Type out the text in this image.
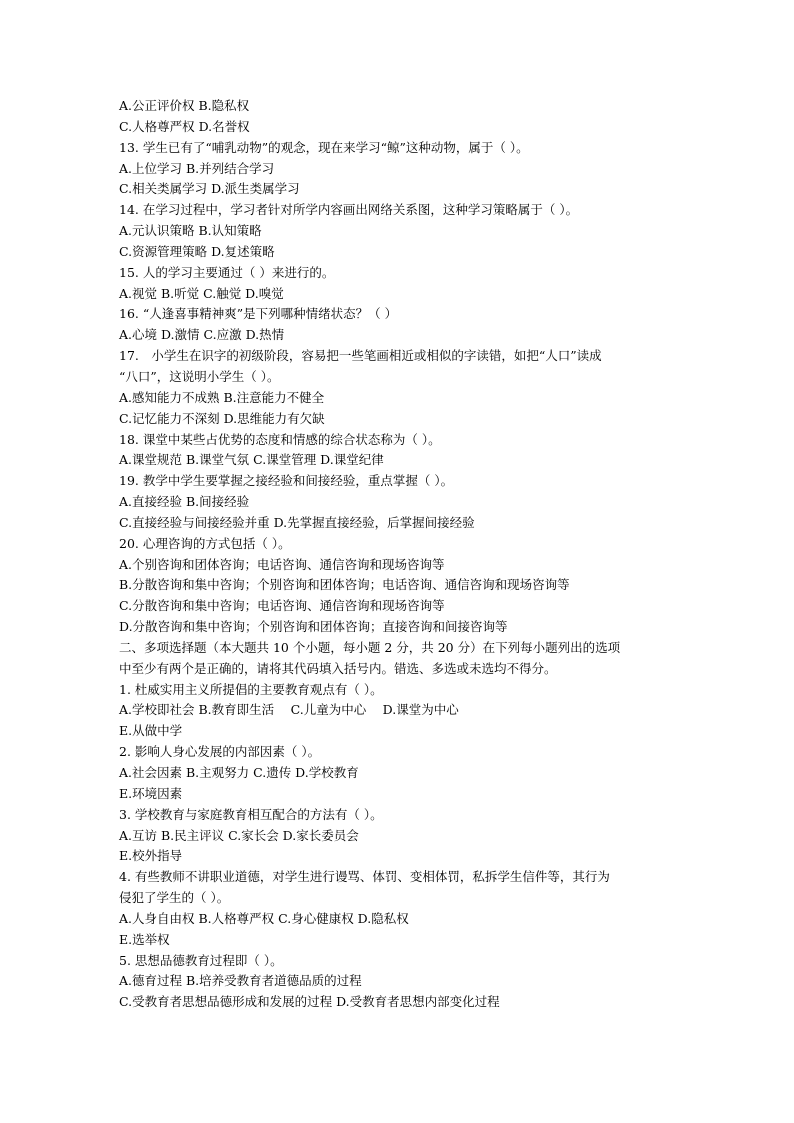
A.公正评价权 B.隐私权

C.人格尊严权 D.名誉权

13. 学生已有了“哺乳动物”的观念，现在来学习“鲸”这种动物，属于（ ）。

A.上位学习 B.并列结合学习

C.相关类属学习 D.派生类属学习

14. 在学习过程中，学习者针对所学内容画出网络关系图，这种学习策略属于（ ）。

A.元认识策略 B.认知策略

C.资源管理策略 D.复述策略

15. 人的学习主要通过（ ）来进行的。

A.视觉 B.听觉 C.触觉 D.嗅觉

16. “人逢喜事精神爽”是下列哪种情绪状态？（ ）

A.心境 D.激情 C.应激 D.热情

17.　小学生在识字的初级阶段，容易把一些笔画相近或相似的字读错，如把“人口”读成

“八口”，这说明小学生（ ）。

A.感知能力不成熟 B.注意能力不健全

C.记忆能力不深刻 D.思维能力有欠缺

18. 课堂中某些占优势的态度和情感的综合状态称为（ ）。

A.课堂规范 B.课堂气氛 C.课堂管理 D.课堂纪律

19. 教学中学生要掌握之接经验和间接经验，重点掌握（ ）。

A.直接经验 B.间接经验

C.直接经验与间接经验并重 D.先掌握直接经验，后掌握间接经验

20. 心理咨询的方式包括（ ）。

A.个别咨询和团体咨询；电话咨询、通信咨询和现场咨询等

B.分散咨询和集中咨询；个别咨询和团体咨询；电话咨询、通信咨询和现场咨询等

C.分散咨询和集中咨询；电话咨询、通信咨询和现场咨询等

D.分散咨询和集中咨询；个别咨询和团体咨询；直接咨询和间接咨询等

二、多项选择题（本大题共 10 个小题，每小题 2 分，共 20 分）在下列每小题列出的选项

中至少有两个是正确的，请将其代码填入括号内。错选、多选或未选均不得分。

1. 杜威实用主义所提倡的主要教育观点有（ ）。

A.学校即社会 B.教育即生活　 C.儿童为中心　 D.课堂为中心

E.从做中学

2. 影响人身心发展的内部因素（ ）。

A.社会因素 B.主观努力 C.遗传 D.学校教育

E.环境因素

3. 学校教育与家庭教育相互配合的方法有（ ）。

A.互访 B.民主评议 C.家长会 D.家长委员会

E.校外指导

4. 有些教师不讲职业道德，对学生进行谩骂、体罚、变相体罚，私拆学生信件等，其行为

侵犯了学生的（ ）。

A.人身自由权 B.人格尊严权 C.身心健康权 D.隐私权

E.选举权

5. 思想品德教育过程即（ ）。

A.德育过程 B.培养受教育者道德品质的过程

C.受教育者思想品德形成和发展的过程 D.受教育者思想内部变化过程
